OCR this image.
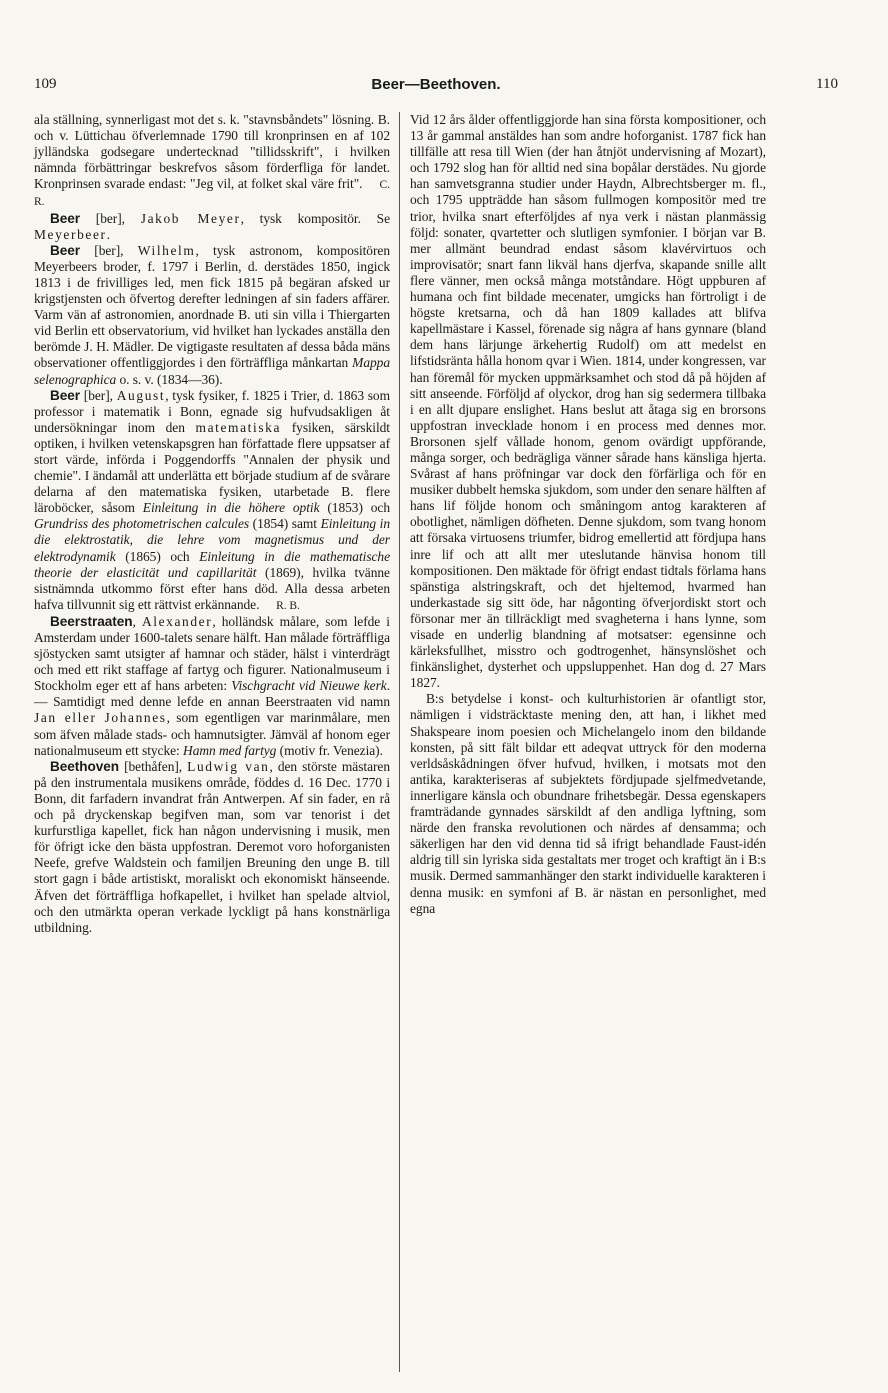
109	Beer—Beethoven.	110

ala ställning, synnerligast mot det s. k. "stavnsbåndets" lösning. B. och v. Lüttichau öfverlemnade 1790 till kronprinsen en af 102 jylländska godsegare undertecknad "tillidsskrift", i hvilken nämnda förbättringar beskrefvos såsom förderfliga för landet. Kronprinsen svarade endast: "Jeg vil, at folket skal väre frit".   C. R.

Beer [ber], Jakob Meyer, tysk kompositör. Se Meyerbeer.

Beer [ber], Wilhelm, tysk astronom, kompositören Meyerbeers broder, f. 1797 i Berlin, d. derstädes 1850, ingick 1813 i de frivilliges led, men fick 1815 på begäran afsked ur krigstjensten och öfvertog derefter ledningen af sin faders affärer. Varm vän af astronomien, anordnade B. uti sin villa i Thiergarten vid Berlin ett observatorium, vid hvilket han lyckades anställa den berömde J. H. Mädler. De vigtigaste resultaten af dessa båda mäns observationer offentliggjordes i den förträffliga månkartan Mappa selenographica o. s. v. (1834—36).

Beer [ber], August, tysk fysiker, f. 1825 i Trier, d. 1863 som professor i matematik i Bonn, egnade sig hufvudsakligen åt undersökningar inom den matematiska fysiken, särskildt optiken, i hvilken vetenskapsgren han författade flere uppsatser af stort värde, införda i Poggendorffs "Annalen der physik und chemie". I ändamål att underlätta ett började studium af de svårare delarna af den matematiska fysiken, utarbetade B. flere läroböcker, såsom Einleitung in die höhere optik (1853) och Grundriss des photometrischen calcules (1854) samt Einleitung in die elektrostatik, die lehre vom magnetismus und der elektrodynamik (1865) och Einleitung in die mathematische theorie der elasticität und capillarität (1869), hvilka tvänne sistnämnda utkommo först efter hans död. Alla dessa arbeten hafva tillvunnit sig ett rättvist erkännande.   R. B.

Beerstraaten, Alexander, holländsk målare, som lefde i Amsterdam under 1600-talets senare hälft. Han målade förträffliga sjöstycken samt utsigter af hamnar och städer, hälst i vinterdrägt och med ett rikt staffage af fartyg och figurer. Nationalmuseum i Stockholm eger ett af hans arbeten: Vischgracht vid Nieuwe kerk. — Samtidigt med denne lefde en annan Beerstraaten vid namn Jan eller Johannes, som egentligen var marinmålare, men som äfven målade stads- och hamnutsigter. Jämväl af honom eger nationalmuseum ett stycke: Hamn med fartyg (motiv fr. Venezia).

Beethoven [bethåfen], Ludwig van, den störste mästaren på den instrumentala musikens område, föddes d. 16 Dec. 1770 i Bonn, dit farfadern invandrat från Antwerpen. Af sin fader, en rå och på dryckenskap begifven man, som var tenorist i det kurfurstliga kapellet, fick han någon undervisning i musik, men för öfrigt icke den bästa uppfostran. Deremot voro hoforganisten Neefe, grefve Waldstein och familjen Breuning den unge B. till stort gagn i både artistiskt, moraliskt och ekonomiskt hänseende. Äfven det förträffliga hofkapellet, i hvilket han spelade altviol, och den utmärkta operan verkade lyckligt på hans konstnärliga utbildning.

Vid 12 års ålder offentliggjorde han sina första kompositioner, och 13 år gammal anstäldes han som andre hoforganist. 1787 fick han tillfälle att resa till Wien (der han åtnjöt undervisning af Mozart), och 1792 slog han för alltid ned sina bopålar derstädes. Nu gjorde han samvetsgranna studier under Haydn, Albrechtsberger m. fl., och 1795 uppträdde han såsom fullmogen kompositör med tre trior, hvilka snart efterföljdes af nya verk i nästan planmässig följd: sonater, qvartetter och slutligen symfonier. I början var B. mer allmänt beundrad endast såsom klavérvirtuos och improvisatör; snart fann likväl hans djerfva, skapande snille allt flere vänner, men också många motståndare. Högt uppburen af humana och fint bildade mecenater, umgicks han förtroligt i de högste kretsarna, och då han 1809 kallades att blifva kapellmästare i Kassel, förenade sig några af hans gynnare (bland dem hans lärjunge ärkehertig Rudolf) om att medelst en lifstidsränta hålla honom qvar i Wien. 1814, under kongressen, var han föremål för mycken uppmärksamhet och stod då på höjden af sitt anseende. Förföljd af olyckor, drog han sig sedermera tillbaka i en allt djupare enslighet. Hans beslut att åtaga sig en brorsons uppfostran invecklade honom i en process med dennes mor. Brorsonen sjelf vållade honom, genom ovärdigt uppförande, många sorger, och bedrägliga vänner sårade hans känsliga hjerta. Svårast af hans pröfningar var dock den förfärliga och för en musiker dubbelt hemska sjukdom, som under den senare hälften af hans lif följde honom och småningom antog karakteren af obotlighet, nämligen döfheten. Denne sjukdom, som tvang honom att försaka virtuosens triumfer, bidrog emellertid att fördjupa hans inre lif och att allt mer uteslutande hänvisa honom till kompositionen. Den mäktade för öfrigt endast tidtals förlama hans spänstiga alstringskraft, och det hjeltemod, hvarmed han underkastade sig sitt öde, har någonting öfverjordiskt stort och försonar mer än tillräckligt med svagheterna i hans lynne, som visade en underlig blandning af motsatser: egensinne och kärleksfullhet, misstro och godtrogenhet, hänsynslöshet och finkänslighet, dysterhet och uppsluppenhet. Han dog d. 27 Mars 1827.

B:s betydelse i konst- och kulturhistorien är ofantligt stor, nämligen i vidsträcktaste mening den, att han, i likhet med Shakspeare inom poesien och Michelangelo inom den bildande konsten, på sitt fält bildar ett adeqvat uttryck för den moderna verldsåskådningen öfver hufvud, hvilken, i motsats mot den antika, karakteriseras af subjektets fördjupade sjelfmedvetande, innerligare känsla och obundnare frihetsbegär. Dessa egenskapers framträdande gynnades särskildt af den andliga lyftning, som närde den franska revolutionen och närdes af densamma; och säkerligen har den vid denna tid så ifrigt behandlade Faust-idén aldrig till sin lyriska sida gestaltats mer troget och kraftigt än i B:s musik. Dermed sammanhänger den starkt individuelle karakteren i denna musik: en symfoni af B. är nästan en personlighet, med egna
